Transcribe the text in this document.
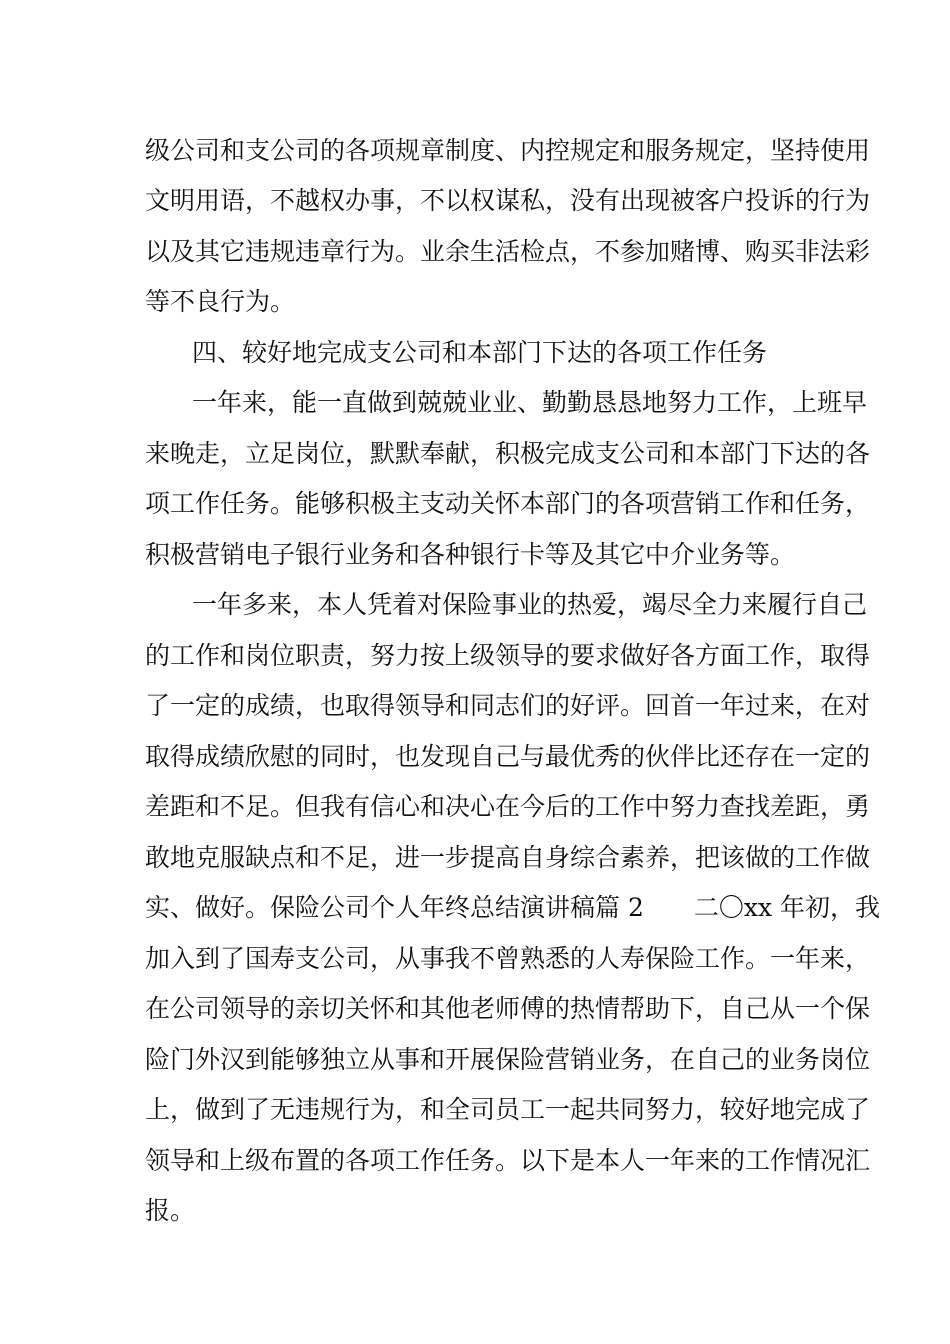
级公司和支公司的各项规章制度、内控规定和服务规定，坚持使用
文明用语，不越权办事，不以权谋私，没有出现被客户投诉的行为
以及其它违规违章行为。业余生活检点，不参加赌博、购买非法彩
等不良行为。
四、较好地完成支公司和本部门下达的各项工作任务
一年来，能一直做到兢兢业业、勤勤恳恳地努力工作，上班早
来晚走，立足岗位，默默奉献，积极完成支公司和本部门下达的各
项工作任务。能够积极主支动关怀本部门的各项营销工作和任务，
积极营销电子银行业务和各种银行卡等及其它中介业务等。
一年多来，本人凭着对保险事业的热爱，竭尽全力来履行自己
的工作和岗位职责，努力按上级领导的要求做好各方面工作，取得
了一定的成绩，也取得领导和同志们的好评。回首一年过来，在对
取得成绩欣慰的同时，也发现自己与最优秀的伙伴比还存在一定的
差距和不足。但我有信心和决心在今后的工作中努力查找差距，勇
敢地克服缺点和不足，进一步提高自身综合素养，把该做的工作做
实、做好。保险公司个人年终总结演讲稿篇 2　　二〇xx 年初，我
加入到了国寿支公司，从事我不曾熟悉的人寿保险工作。一年来，
在公司领导的亲切关怀和其他老师傅的热情帮助下，自己从一个保
险门外汉到能够独立从事和开展保险营销业务，在自己的业务岗位
上，做到了无违规行为，和全司员工一起共同努力，较好地完成了
领导和上级布置的各项工作任务。以下是本人一年来的工作情况汇
报。
